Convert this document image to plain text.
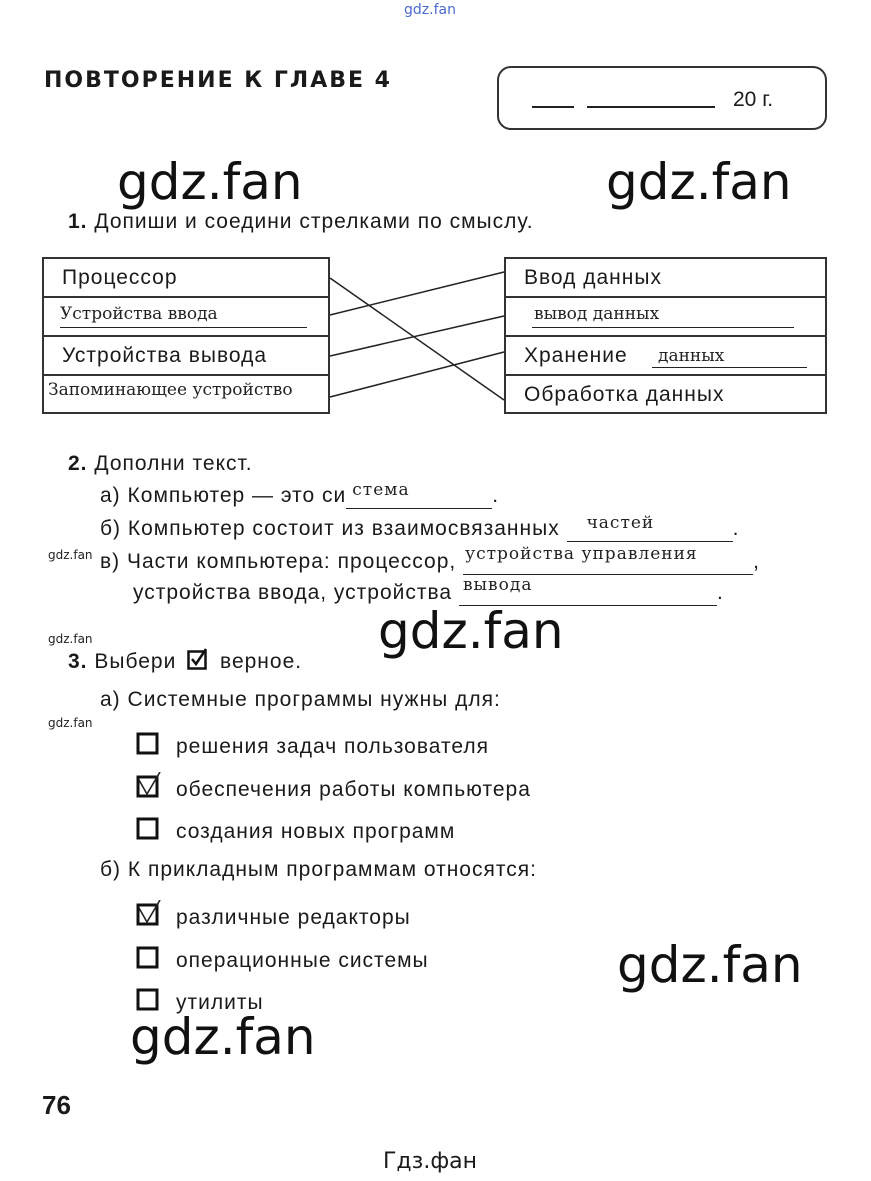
gdz.fan
ПОВТОРЕНИЕ К ГЛАВЕ 4
20 г.
gdz.fan	gdz.fan
gdz.fan
gdz.fan
gdz.fan
gdz.fan
gdz.fan
gdz.fan
1. Допиши и соедини стрелками по смыслу.
Процессор
Устройства ввода
Устройства вывода
Запоминающее устройство
Ввод данных
вывод данных
Хранение данных
Обработка данных
2. Дополни текст.
а) Компьютер — это си стема	.
б) Компьютер состоит из взаимосвязанных частей	.
в) Части компьютера: процессор, устройства управления	,
устройства ввода, устройства вывода	.
3. Выбери верное.
а) Системные программы нужны для:
решения задач пользователя
обеспечения работы компьютера
создания новых программ
б) К прикладным программам относятся:
различные редакторы
операционные системы
утилиты
76
Гдз.фан
